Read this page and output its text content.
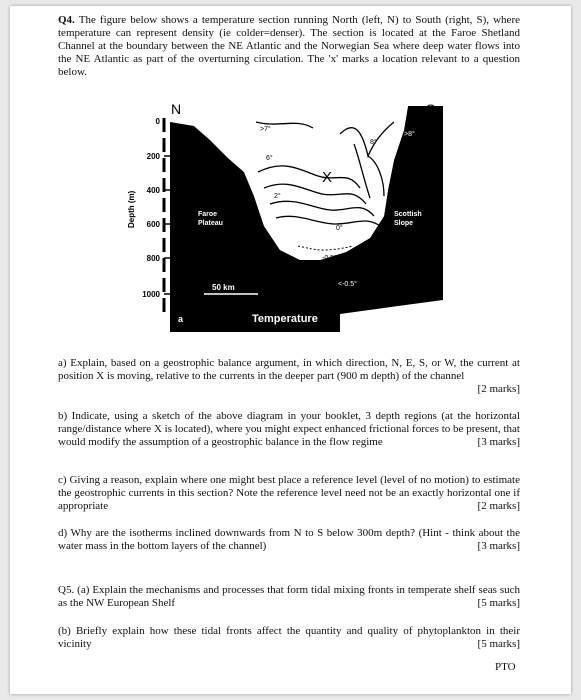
Q4. The figure below shows a temperature section running North (left, N) to South (right, S), where temperature can represent density (ie colder=denser). The section is located at the Faroe Shetland Channel at the boundary between the NE Atlantic and the Norwegian Sea where deep water flows into the NE Atlantic as part of the overturning circulation. The 'x' marks a location relevant to a question below.
N
0
200
400
600
800
1000
Depth (m)
>7°
6°
2°
0°
-0.5°
<-0.5°
8°
>8°
X
Faroe
Plateau
Scottish
Slope
50 km
a	Temperature
a) Explain, based on a geostrophic balance argument, in which direction, N, E, S, or W, the current at position X is moving, relative to the currents in the deeper part (900 m depth) of the channel
[2 marks]
b) Indicate, using a sketch of the above diagram in your booklet, 3 depth regions (at the horizontal range/distance where X is located), where you might expect enhanced frictional forces to be present, that would modify the assumption of a geostrophic balance in the flow regime	[3 marks]
c) Giving a reason, explain where one might best place a reference level (level of no motion) to estimate the geostrophic currents in this section? Note the reference level need not be an exactly horizontal one if appropriate	[2 marks]
d) Why are the isotherms inclined downwards from N to S below 300m depth? (Hint - think about the water mass in the bottom layers of the channel)	[3 marks]
Q5. (a) Explain the mechanisms and processes that form tidal mixing fronts in temperate shelf seas such as the NW European Shelf	[5 marks]
(b) Briefly explain how these tidal fronts affect the quantity and quality of phytoplankton in their vicinity	[5 marks]
PTO
